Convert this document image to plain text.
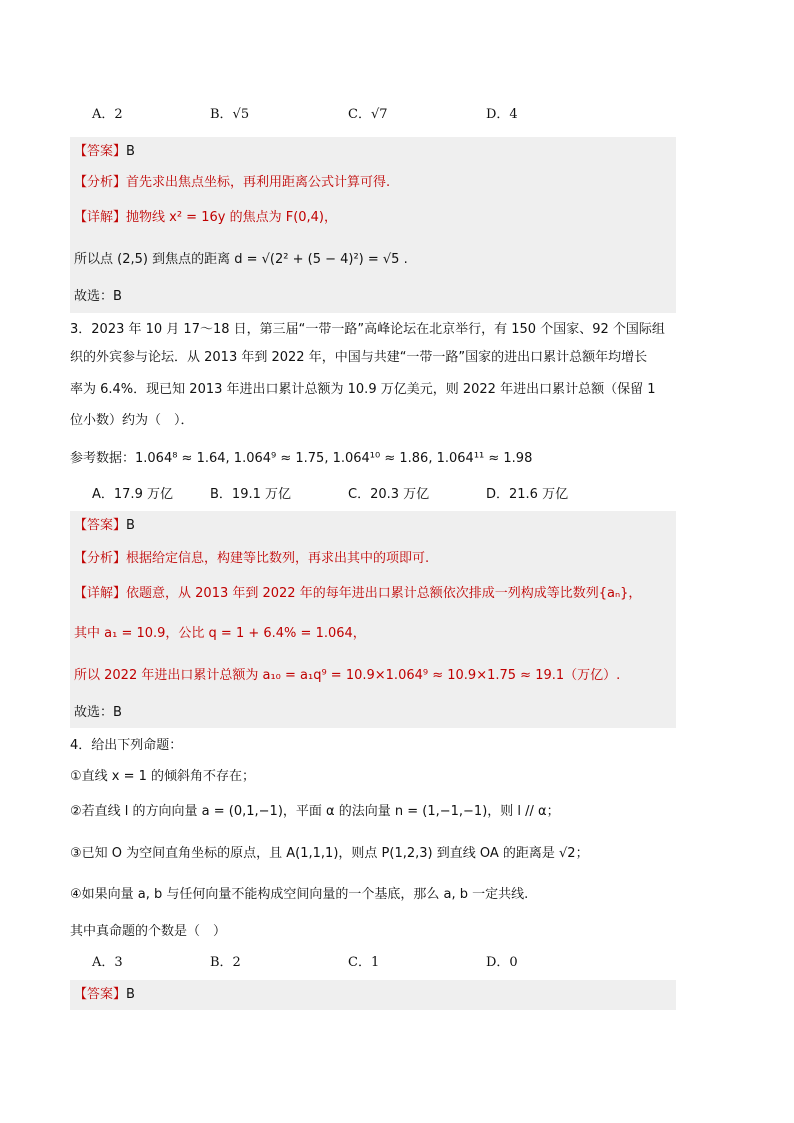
A．2	B．√5	C．√7	D．4
【答案】B
【分析】首先求出焦点坐标，再利用距离公式计算可得.
【详解】抛物线 x² = 16y 的焦点为 F(0,4)，
所以点 (2,5) 到焦点的距离 d = √(2² + (5 − 4)²) = √5 .
故选：B
3．2023 年 10 月 17～18 日，第三届“一带一路”高峰论坛在北京举行，有 150 个国家、92 个国际组
织的外宾参与论坛．从 2013 年到 2022 年，中国与共建“一带一路”国家的进出口累计总额年均增长
率为 6.4%．现已知 2013 年进出口累计总额为 10.9 万亿美元，则 2022 年进出口累计总额（保留 1
位小数）约为（　）．
参考数据：1.064⁸ ≈ 1.64, 1.064⁹ ≈ 1.75, 1.064¹⁰ ≈ 1.86, 1.064¹¹ ≈ 1.98
A．17.9 万亿	B．19.1 万亿	C．20.3 万亿	D．21.6 万亿
【答案】B
【分析】根据给定信息，构建等比数列，再求出其中的项即可.
【详解】依题意，从 2013 年到 2022 年的每年进出口累计总额依次排成一列构成等比数列{aₙ}，
其中 a₁ = 10.9，公比 q = 1 + 6.4% = 1.064，
所以 2022 年进出口累计总额为 a₁₀ = a₁q⁹ = 10.9×1.064⁹ ≈ 10.9×1.75 ≈ 19.1（万亿）.
故选：B
4．给出下列命题：
①直线 x = 1 的倾斜角不存在；
②若直线 l 的方向向量 a = (0,1,−1)，平面 α 的法向量 n = (1,−1,−1)，则 l // α；
③已知 O 为空间直角坐标的原点，且 A(1,1,1)，则点 P(1,2,3) 到直线 OA 的距离是 √2；
④如果向量 a, b 与任何向量不能构成空间向量的一个基底，那么 a, b 一定共线.
其中真命题的个数是（　）
A．3	B．2	C．1	D．0
【答案】B
